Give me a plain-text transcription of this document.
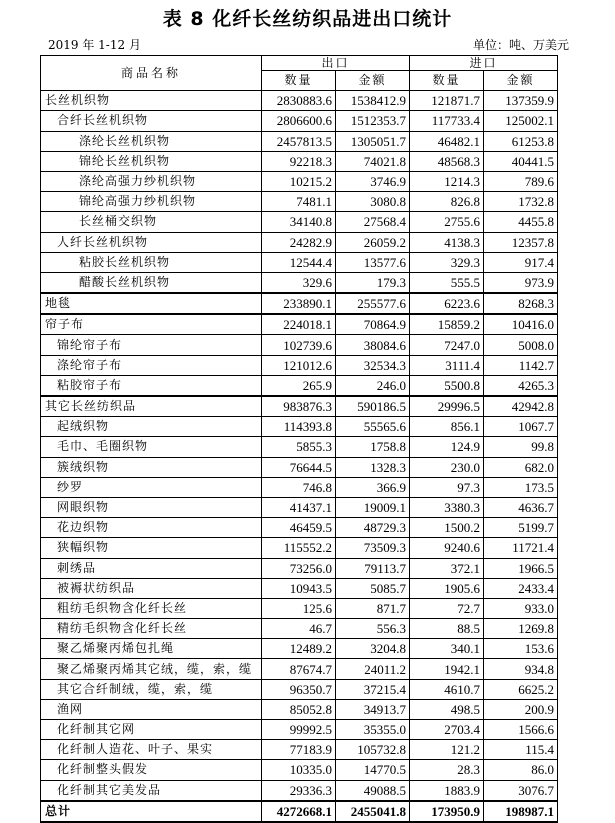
表 8 化纤长丝纺织品进出口统计
2019 年 1-12 月	单位：吨、万美元
商品名称	出口		进口	
	数量	金额	数量	金额
长丝机织物	2830883.6	1538412.9	121871.7	137359.9
合纤长丝机织物	2806600.6	1512353.7	117733.4	125002.1
涤纶长丝机织物	2457813.5	1305051.7	46482.1	61253.8
锦纶长丝机织物	92218.3	74021.8	48568.3	40441.5
涤纶高强力纱机织物	10215.2	3746.9	1214.3	789.6
锦纶高强力纱机织物	7481.1	3080.8	826.8	1732.8
长丝桶交织物	34140.8	27568.4	2755.6	4455.8
人纤长丝机织物	24282.9	26059.2	4138.3	12357.8
粘胶长丝机织物	12544.4	13577.6	329.3	917.4
醋酸长丝机织物	329.6	179.3	555.5	973.9
地毯	233890.1	255577.6	6223.6	8268.3
帘子布	224018.1	70864.9	15859.2	10416.0
锦纶帘子布	102739.6	38084.6	7247.0	5008.0
涤纶帘子布	121012.6	32534.3	3111.4	1142.7
粘胶帘子布	265.9	246.0	5500.8	4265.3
其它长丝纺织品	983876.3	590186.5	29996.5	42942.8
起绒织物	114393.8	55565.6	856.1	1067.7
毛巾、毛圈织物	5855.3	1758.8	124.9	99.8
簇绒织物	76644.5	1328.3	230.0	682.0
纱罗	746.8	366.9	97.3	173.5
网眼织物	41437.1	19009.1	3380.3	4636.7
花边织物	46459.5	48729.3	1500.2	5199.7
狭幅织物	115552.2	73509.3	9240.6	11721.4
刺绣品	73256.0	79113.7	372.1	1966.5
被褥状纺织品	10943.5	5085.7	1905.6	2433.4
粗纺毛织物含化纤长丝	125.6	871.7	72.7	933.0
精纺毛织物含化纤长丝	46.7	556.3	88.5	1269.8
聚乙烯聚丙烯包扎绳	12489.2	3204.8	340.1	153.6
聚乙烯聚丙烯其它绒，缆，索，缆	87674.7	24011.2	1942.1	934.8
其它合纤制绒，缆，索，缆	96350.7	37215.4	4610.7	6625.2
渔网	85052.8	34913.7	498.5	200.9
化纤制其它网	99992.5	35355.0	2703.4	1566.6
化纤制人造花、叶子、果实	77183.9	105732.8	121.2	115.4
化纤制整头假发	10335.0	14770.5	28.3	86.0
化纤制其它美发品	29336.3	49088.5	1883.9	3076.7
总计	4272668.1	2455041.8	173950.9	198987.1
